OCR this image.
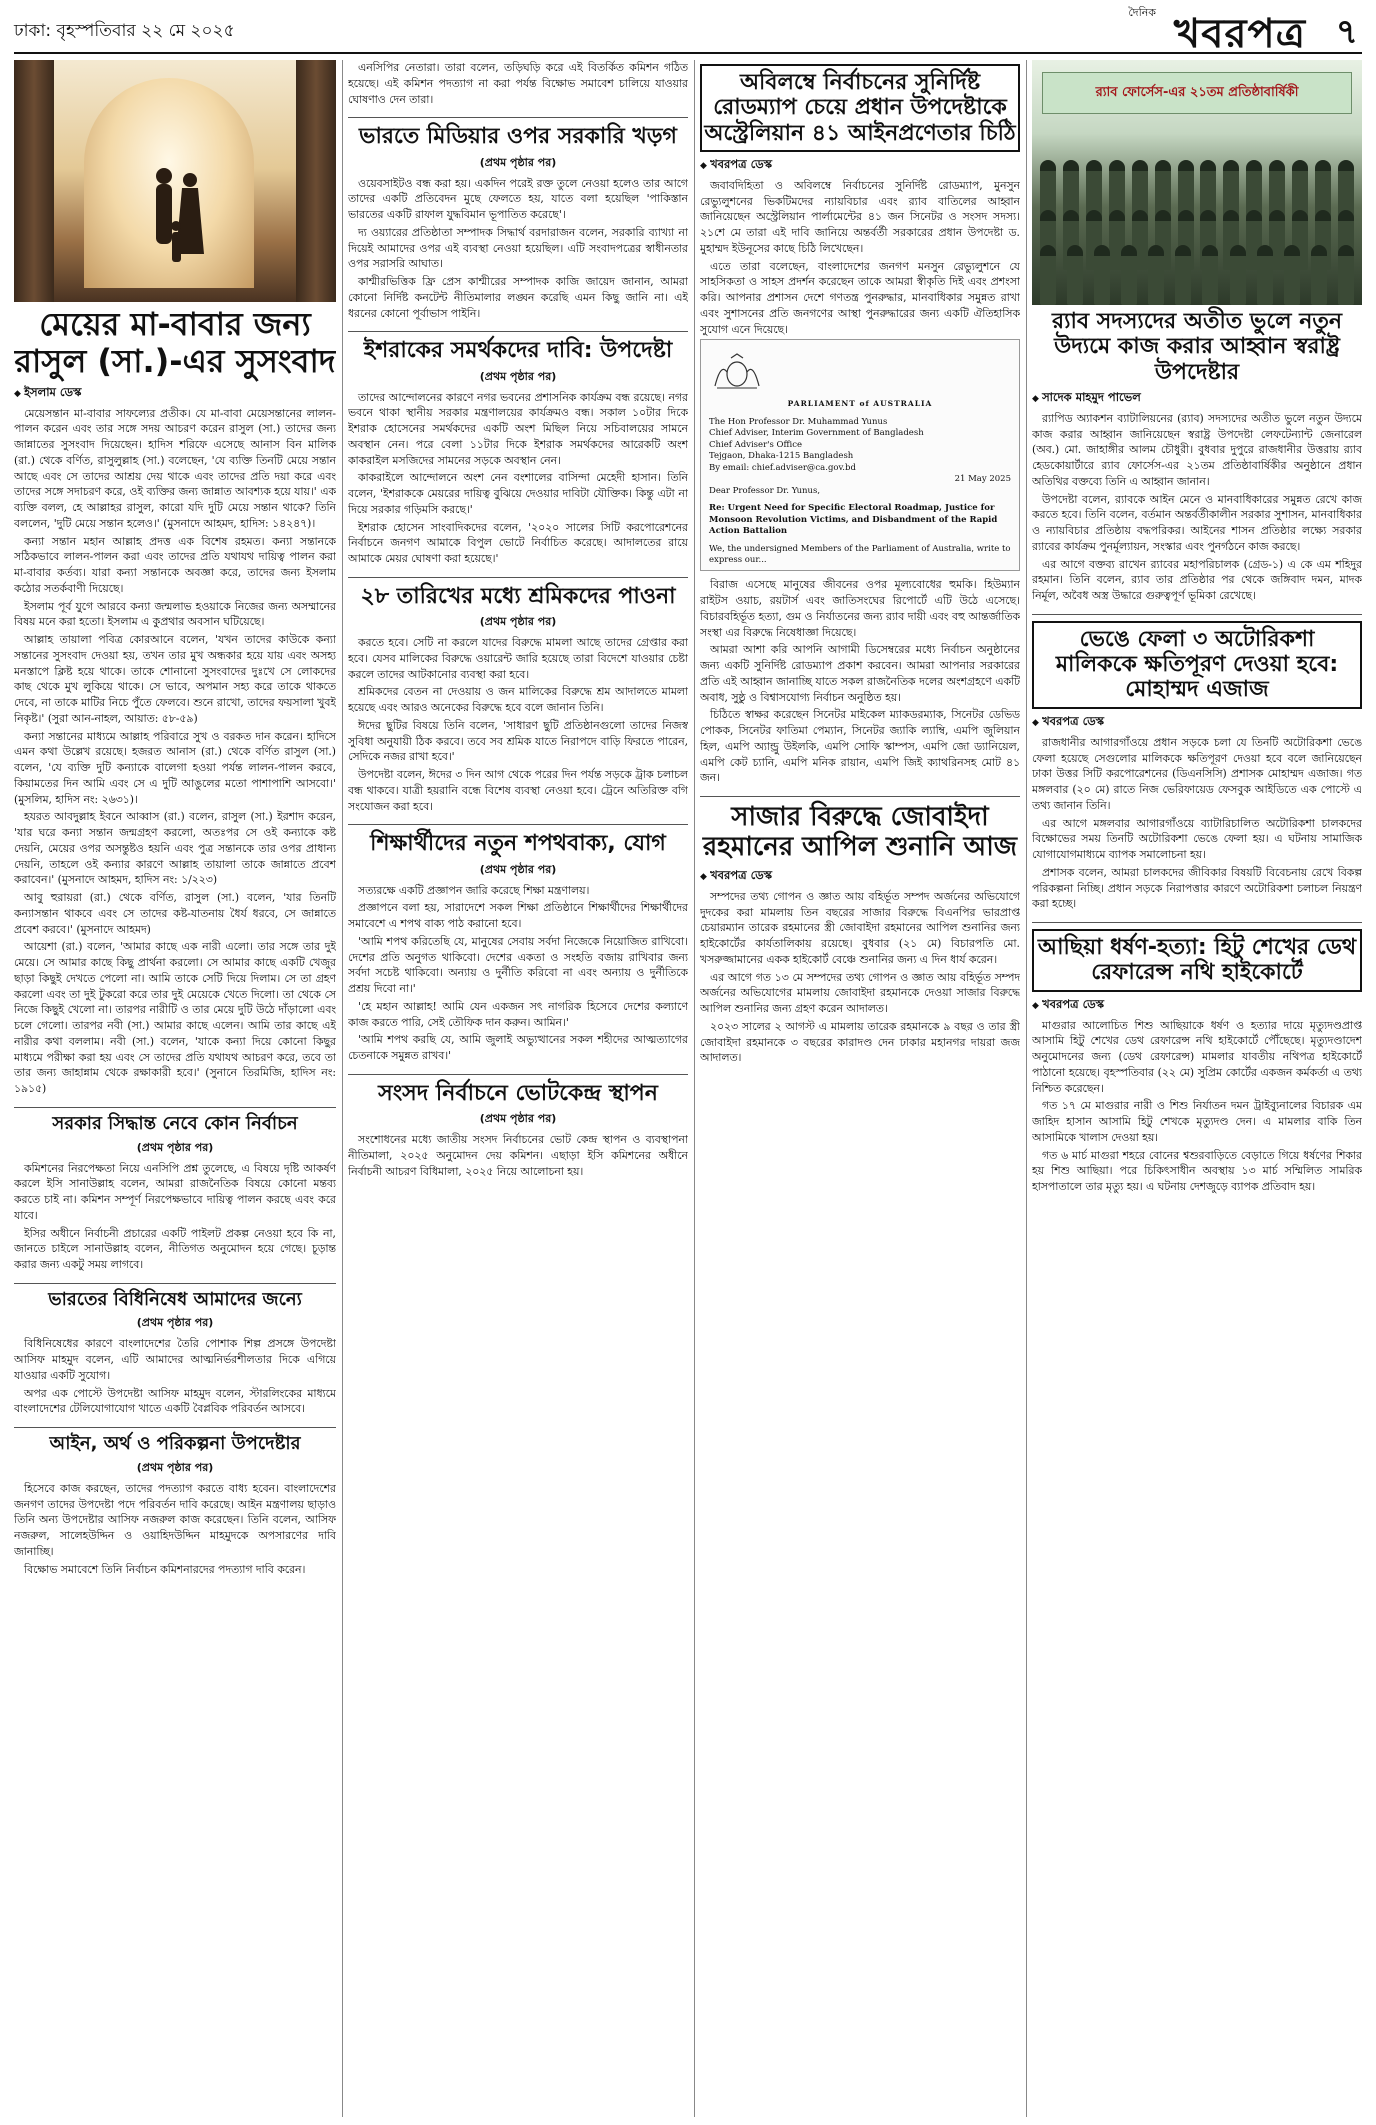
ঢাকা: বৃহস্পতিবার ২২ মে ২০২৫
দৈনিক খবরপত্র ৭
মেয়ের মা-বাবার জন্য রাসুল (সা.)-এর সুসংবাদ
◆ ইসলাম ডেস্ক

মেয়েসন্তান মা-বাবার সাফল্যের প্রতীক। যে মা-বাবা মেয়েসন্তানের লালন-পালন করেন এবং তার সঙ্গে সদয় আচরণ করেন রাসুল (সা.) তাদের জন্য জান্নাতের সুসংবাদ দিয়েছেন। হাদিস শরিফে এসেছে আনাস বিন মালিক (রা.) থেকে বর্ণিত, রাসুলুল্লাহ (সা.) বলেছেন, 'যে ব্যক্তি তিনটি মেয়ে সন্তান আছে এবং সে তাদের আশ্রয় দেয় থাকে এবং তাদের প্রতি দয়া করে এবং তাদের সঙ্গে সদাচরণ করে, ওই ব্যক্তির জন্য জান্নাত আবশ্যক হয়ে যায়।' এক ব্যক্তি বলল, হে আল্লাহর রাসুল, কারো যদি দুটি মেয়ে সন্তান থাকে? তিনি বললেন, 'দুটি মেয়ে সন্তান হলেও।' (মুসনাদে আহমদ, হাদিস: ১৪২৪৭)।

কন্যা সন্তান মহান আল্লাহ প্রদত্ত এক বিশেষ রহমত। কন্যা সন্তানকে সঠিকভাবে লালন-পালন করা এবং তাদের প্রতি যথাযথ দায়িত্ব পালন করা মা-বাবার কর্তব্য। যারা কন্যা সন্তানকে অবজ্ঞা করে, তাদের জন্য ইসলাম কঠোর সতর্কবাণী দিয়েছে।

ইসলাম পূর্ব যুগে আরবে কন্যা জন্মলাভ হওয়াকে নিজের জন্য অসম্মানের বিষয় মনে করা হতো। ইসলাম এ কুপ্রথার অবসান ঘটিয়েছে।

আল্লাহ তায়ালা পবিত্র কোরআনে বলেন, 'যখন তাদের কাউকে কন্যা সন্তানের সুসংবাদ দেওয়া হয়, তখন তার মুখ অন্ধকার হয়ে যায় এবং অসহ্য মনস্তাপে ক্লিষ্ট হয়ে থাকে। তাকে শোনানো সুসংবাদের দুঃখে সে লোকদের কাছ থেকে মুখ লুকিয়ে থাকে। সে ভাবে, অপমান সহ্য করে তাকে থাকতে দেবে, না তাকে মাটির নিচে পুঁতে ফেলবে। শুনে রাখো, তাদের ফয়সালা খুবই নিকৃষ্ট।' (সুরা আন-নাহল, আয়াত: ৫৮-৫৯)

কন্যা সন্তানের মাধ্যমে আল্লাহ পরিবারে সুখ ও বরকত দান করেন। হাদিসে এমন কথা উল্লেখ রয়েছে। হজরত আনাস (রা.) থেকে বর্ণিত রাসুল (সা.) বলেন, 'যে ব্যক্তি দুটি কন্যাকে বালেগা হওয়া পর্যন্ত লালন-পালন করবে, কিয়ামতের দিন আমি এবং সে এ দুটি আঙুলের মতো পাশাপাশি আসবো।' (মুসলিম, হাদিস নং: ২৬৩১)।

হযরত আবদুল্লাহ ইবনে আব্বাস (রা.) বলেন, রাসুল (সা.) ইরশাদ করেন, 'যার ঘরে কন্যা সন্তান জন্মগ্রহণ করলো, অতঃপর সে ওই কন্যাকে কষ্ট দেয়নি, মেয়ের ওপর অসন্তুষ্টও হয়নি এবং পুত্র সন্তানকে তার ওপর প্রাধান্য দেয়নি, তাহলে ওই কন্যার কারণে আল্লাহ তায়ালা তাকে জান্নাতে প্রবেশ করাবেন।' (মুসনাদে আহমদ, হাদিস নং: ১/২২৩)

আবু হুরায়রা (রা.) থেকে বর্ণিত, রাসুল (সা.) বলেন, 'যার তিনটি কন্যাসন্তান থাকবে এবং সে তাদের কষ্ট-যাতনায় ধৈর্য ধরবে, সে জান্নাতে প্রবেশ করবে।' (মুসনাদে আহমদ)

আয়েশা (রা.) বলেন, 'আমার কাছে এক নারী এলো। তার সঙ্গে তার দুই মেয়ে। সে আমার কাছে কিছু প্রার্থনা করলো। সে আমার কাছে একটি খেজুর ছাড়া কিছুই দেখতে পেলো না। আমি তাকে সেটি দিয়ে দিলাম। সে তা গ্রহণ করলো এবং তা দুই টুকরো করে তার দুই মেয়েকে খেতে দিলো। তা থেকে সে নিজে কিছুই খেলো না। তারপর নারীটি ও তার মেয়ে দুটি উঠে দাঁড়ালো এবং চলে গেলো। তারপর নবী (সা.) আমার কাছে এলেন। আমি তার কাছে এই নারীর কথা বললাম। নবী (সা.) বলেন, 'যাকে কন্যা দিয়ে কোনো কিছুর মাধ্যমে পরীক্ষা করা হয় এবং সে তাদের প্রতি যথাযথ আচরণ করে, তবে তা তার জন্য জাহান্নাম থেকে রক্ষাকারী হবে।' (সুনানে তিরমিজি, হাদিস নং: ১৯১৫)

সরকার সিদ্ধান্ত নেবে কোন নির্বাচন
(প্রথম পৃষ্ঠার পর)

কমিশনের নিরপেক্ষতা নিয়ে এনসিপি প্রশ্ন তুলেছে, এ বিষয়ে দৃষ্টি আকর্ষণ করলে ইসি সানাউল্লাহ বলেন, আমরা রাজনৈতিক বিষয়ে কোনো মন্তব্য করতে চাই না। কমিশন সম্পূর্ণ নিরপেক্ষভাবে দায়িত্ব পালন করছে এবং করে যাবে।

ইসির অধীনে নির্বাচনী প্রচারের একটি পাইলট প্রকল্প নেওয়া হবে কি না, জানতে চাইলে সানাউল্লাহ বলেন, নীতিগত অনুমোদন হয়ে গেছে। চূড়ান্ত করার জন্য একটু সময় লাগবে।

ভারতের বিধিনিষেধ আমাদের জন্যে
(প্রথম পৃষ্ঠার পর)

বিধিনিষেধের কারণে বাংলাদেশের তৈরি পোশাক শিল্প প্রসঙ্গে উপদেষ্টা আসিফ মাহমুদ বলেন, এটি আমাদের আত্মনির্ভরশীলতার দিকে এগিয়ে যাওয়ার একটি সুযোগ।

অপর এক পোস্টে উপদেষ্টা আসিফ মাহমুদ বলেন, স্টারলিংকের মাধ্যমে বাংলাদেশের টেলিযোগাযোগ খাতে একটি বৈপ্লবিক পরিবর্তন আসবে।

আইন, অর্থ ও পরিকল্পনা উপদেষ্টার
(প্রথম পৃষ্ঠার পর)

হিসেবে কাজ করছেন, তাদের পদত্যাগ করতে বাধ্য হবেন। বাংলাদেশের জনগণ তাদের উপদেষ্টা পদে পরিবর্তন দাবি করেছে। আইন মন্ত্রণালয় ছাড়াও তিনি অন্য উপদেষ্টার আসিফ নজরুল কাজ করেছেন। তিনি বলেন, আসিফ নজরুল, সালেহউদ্দিন ও ওয়াহিদউদ্দিন মাহমুদকে অপসারণের দাবি জানাচ্ছি।

বিক্ষোভ সমাবেশে তিনি নির্বাচন কমিশনারদের পদত্যাগ দাবি করেন।

এনসিপির নেতারা। তারা বলেন, তড়িঘড়ি করে এই বিতর্কিত কমিশন গঠিত হয়েছে। এই কমিশন পদত্যাগ না করা পর্যন্ত বিক্ষোভ সমাবেশ চালিয়ে যাওয়ার ঘোষণাও দেন তারা।

ভারতে মিডিয়ার ওপর সরকারি খড়গ
(প্রথম পৃষ্ঠার পর)

ওয়েবসাইটও বন্ধ করা হয়। একদিন পরেই রক্ত তুলে নেওয়া হলেও তার আগে তাদের একটি প্রতিবেদন মুছে ফেলতে হয়, যাতে বলা হয়েছিল 'পাকিস্তান ভারতের একটি রাফাল যুদ্ধবিমান ভূপাতিত করেছে'।

দ্য ওয়্যারের প্রতিষ্ঠাতা সম্পাদক সিদ্ধার্থ বরদারাজন বলেন, সরকারি ব্যাখ্যা না দিয়েই আমাদের ওপর এই ব্যবস্থা নেওয়া হয়েছিল। এটি সংবাদপত্রের স্বাধীনতার ওপর সরাসরি আঘাত।

কাশ্মীরভিত্তিক ফ্রি প্রেস কাশ্মীরের সম্পাদক কাজি জায়েদ জানান, আমরা কোনো নির্দিষ্ট কনটেন্ট নীতিমালার লঙ্ঘন করেছি এমন কিছু জানি না। এই ধরনের কোনো পূর্বাভাস পাইনি।

ইশরাকের সমর্থকদের দাবি: উপদেষ্টা
(প্রথম পৃষ্ঠার পর)

তাদের আন্দোলনের কারণে নগর ভবনের প্রশাসনিক কার্যক্রম বন্ধ রয়েছে। নগর ভবনে থাকা স্থানীয় সরকার মন্ত্রণালয়ের কার্যক্রমও বন্ধ। সকাল ১০টার দিকে ইশরাক হোসেনের সমর্থকদের একটি অংশ মিছিল নিয়ে সচিবালয়ের সামনে অবস্থান নেন। পরে বেলা ১১টার দিকে ইশরাক সমর্থকদের আরেকটি অংশ কাকরাইল মসজিদের সামনের সড়কে অবস্থান নেন।

কাকরাইলে আন্দোলনে অংশ নেন বংশালের বাসিন্দা মেহেদী হাসান। তিনি বলেন, 'ইশরাককে মেয়রের দায়িত্ব বুঝিয়ে দেওয়ার দাবিটা যৌক্তিক। কিন্তু এটা না দিয়ে সরকার গড়িমসি করছে।'

ইশরাক হোসেন সাংবাদিকদের বলেন, '২০২০ সালের সিটি করপোরেশনের নির্বাচনে জনগণ আমাকে বিপুল ভোটে নির্বাচিত করেছে। আদালতের রায়ে আমাকে মেয়র ঘোষণা করা হয়েছে।'

২৮ তারিখের মধ্যে শ্রমিকদের পাওনা
(প্রথম পৃষ্ঠার পর)

করতে হবে। সেটি না করলে যাদের বিরুদ্ধে মামলা আছে তাদের গ্রেপ্তার করা হবে। যেসব মালিকের বিরুদ্ধে ওয়ারেন্ট জারি হয়েছে তারা বিদেশে যাওয়ার চেষ্টা করলে তাদের আটকানোর ব্যবস্থা করা হবে।

শ্রমিকদের বেতন না দেওয়ায় ও জন মালিকের বিরুদ্ধে শ্রম আদালতে মামলা হয়েছে এবং আরও অনেকের বিরুদ্ধে হবে বলে জানান তিনি।

ঈদের ছুটির বিষয়ে তিনি বলেন, 'সাধারণ ছুটি প্রতিষ্ঠানগুলো তাদের নিজস্ব সুবিধা অনুযায়ী ঠিক করবে। তবে সব শ্রমিক যাতে নিরাপদে বাড়ি ফিরতে পারেন, সেদিকে নজর রাখা হবে।'

উপদেষ্টা বলেন, ঈদের ৩ দিন আগ থেকে পরের দিন পর্যন্ত সড়কে ট্রাক চলাচল বন্ধ থাকবে। যাত্রী হয়রানি বন্ধে বিশেষ ব্যবস্থা নেওয়া হবে। ট্রেনে অতিরিক্ত বগি সংযোজন করা হবে।

শিক্ষার্থীদের নতুন শপথবাক্য, যোগ
(প্রথম পৃষ্ঠার পর)

সত্যরক্ষে একটি প্রজ্ঞাপন জারি করেছে শিক্ষা মন্ত্রণালয়।

প্রজ্ঞাপনে বলা হয়, সারাদেশে সকল শিক্ষা প্রতিষ্ঠানে শিক্ষার্থীদের শিক্ষার্থীদের সমাবেশে এ শপথ বাক্য পাঠ করানো হবে।

'আমি শপথ করিতেছি যে, মানুষের সেবায় সর্বদা নিজেকে নিয়োজিত রাখিবো। দেশের প্রতি অনুগত থাকিবো। দেশের একতা ও সংহতি বজায় রাখিবার জন্য সর্বদা সচেষ্ট থাকিবো। অন্যায় ও দুর্নীতি করিবো না এবং অন্যায় ও দুর্নীতিকে প্রশ্রয় দিবো না।'

'হে মহান আল্লাহ! আমি যেন একজন সৎ নাগরিক হিসেবে দেশের কল্যাণে কাজ করতে পারি, সেই তৌফিক দান করুন। আমিন।'

'আমি শপথ করছি যে, আমি জুলাই অভ্যুত্থানের সকল শহীদের আত্মত্যাগের চেতনাকে সমুন্নত রাখব।'

সংসদ নির্বাচনে ভোটকেন্দ্র স্থাপন
(প্রথম পৃষ্ঠার পর)

সংশোধনের মধ্যে জাতীয় সংসদ নির্বাচনের ভোট কেন্দ্র স্থাপন ও ব্যবস্থাপনা নীতিমালা, ২০২৫ অনুমোদন দেয় কমিশন। এছাড়া ইসি কমিশনের অধীনে নির্বাচনী আচরণ বিধিমালা, ২০২৫ নিয়ে আলোচনা হয়।

অবিলম্বে নির্বাচনের সুনির্দিষ্ট রোডম্যাপ চেয়ে প্রধান উপদেষ্টাকে অস্ট্রেলিয়ান ৪১ আইনপ্রণেতার চিঠি
◆ খবরপত্র ডেস্ক

জবাবদিহিতা ও অবিলম্বে নির্বাচনের সুনির্দিষ্ট রোডম্যাপ, মুনসুন রেভ্যুলুশনের ভিকটিমদের ন্যায়বিচার এবং র‍্যাব বাতিলের আহ্বান জানিয়েছেন অস্ট্রেলিয়ান পার্লামেন্টের ৪১ জন সিনেটর ও সংসদ সদস্য। ২১শে মে তারা এই দাবি জানিয়ে অন্তর্বর্তী সরকারের প্রধান উপদেষ্টা ড. মুহাম্মদ ইউনূসের কাছে চিঠি লিখেছেন।

এতে তারা বলেছেন, বাংলাদেশের জনগণ মনসুন রেভ্যুলুশনে যে সাহসিকতা ও সাহস প্রদর্শন করেছেন তাকে আমরা স্বীকৃতি দিই এবং প্রশংসা করি। আপনার প্রশাসন দেশে গণতন্ত্র পুনরুদ্ধার, মানবাধিকার সমুন্নত রাখা এবং সুশাসনের প্রতি জনগণের আস্থা পুনরুদ্ধারের জন্য একটি ঐতিহাসিক সুযোগ এনে দিয়েছে।

PARLIAMENT of AUSTRALIA
The Hon Professor Dr. Muhammad Yunus
Chief Adviser, Interim Government of Bangladesh
Chief Adviser's Office
Tejgaon, Dhaka-1215 Bangladesh
By email: chief.adviser@ca.gov.bd
21 May 2025
Dear Professor Dr. Yunus,
Re: Urgent Need for Specific Electoral Roadmap, Justice for Monsoon Revolution Victims, and Disbandment of the Rapid Action Battalion
We, the undersigned Members of the Parliament of Australia, write to express our...

বিরাজ এসেছে মানুষের জীবনের ওপর মূল্যবোধের হুমকি। হিউম্যান রাইটস ওয়াচ, রয়টার্স এবং জাতিসংঘের রিপোর্টে এটি উঠে এসেছে। বিচারবহির্ভূত হত্যা, গুম ও নির্যাতনের জন্য র‍্যাব দায়ী এবং বহু আন্তর্জাতিক সংস্থা এর বিরুদ্ধে নিষেধাজ্ঞা দিয়েছে।

আমরা আশা করি আপনি আগামী ডিসেম্বরের মধ্যে নির্বাচন অনুষ্ঠানের জন্য একটি সুনির্দিষ্ট রোডম্যাপ প্রকাশ করবেন। আমরা আপনার সরকারের প্রতি এই আহ্বান জানাচ্ছি যাতে সকল রাজনৈতিক দলের অংশগ্রহণে একটি অবাধ, সুষ্ঠু ও বিশ্বাসযোগ্য নির্বাচন অনুষ্ঠিত হয়।

চিঠিতে স্বাক্ষর করেছেন সিনেটর মাইকেল ম্যাকডরম্যাক, সিনেটর ডেভিড পোকক, সিনেটর ফাতিমা পেম্যান, সিনেটর জ্যাকি ল্যাম্বি, এমপি জুলিয়ান হিল, এমপি অ্যান্ড্রু উইলকি, এমপি সোফি স্কাম্পস, এমপি জো ড্যানিয়েল, এমপি কেট চ্যানি, এমপি মনিক রায়ান, এমপি জিই ক্যাথরিনসহ মোট ৪১ জন।

সাজার বিরুদ্ধে জোবাইদা রহমানের আপিল শুনানি আজ
◆ খবরপত্র ডেস্ক

সম্পদের তথ্য গোপন ও জ্ঞাত আয় বহির্ভূত সম্পদ অর্জনের অভিযোগে দুদকের করা মামলায় তিন বছরের সাজার বিরুদ্ধে বিএনপির ভারপ্রাপ্ত চেয়ারম্যান তারেক রহমানের স্ত্রী জোবাইদা রহমানের আপিল শুনানির জন্য হাইকোর্টের কার্যতালিকায় রয়েছে। বুধবার (২১ মে) বিচারপতি মো. খসরুজ্জামানের একক হাইকোর্ট বেঞ্চে শুনানির জন্য এ দিন ধার্য করেন।

এর আগে গত ১৩ মে সম্পদের তথ্য গোপন ও জ্ঞাত আয় বহির্ভূত সম্পদ অর্জনের অভিযোগের মামলায় জোবাইদা রহমানকে দেওয়া সাজার বিরুদ্ধে আপিল শুনানির জন্য গ্রহণ করেন আদালত।

২০২৩ সালের ২ আগস্ট এ মামলায় তারেক রহমানকে ৯ বছর ও তার স্ত্রী জোবাইদা রহমানকে ৩ বছরের কারাদণ্ড দেন ঢাকার মহানগর দায়রা জজ আদালত।

র‍্যাব ফোর্সেস-এর ২১তম প্রতিষ্ঠাবার্ষিকী
র‍্যাব সদস্যদের অতীত ভুলে নতুন উদ্যমে কাজ করার আহ্বান স্বরাষ্ট্র উপদেষ্টার
◆ সাদেক মাহমুদ পাভেল

র‍্যাপিড অ্যাকশন ব্যাটালিয়নের (র‍্যাব) সদস্যদের অতীত ভুলে নতুন উদ্যমে কাজ করার আহ্বান জানিয়েছেন স্বরাষ্ট্র উপদেষ্টা লেফটেন্যান্ট জেনারেল (অব.) মো. জাহাঙ্গীর আলম চৌধুরী। বুধবার দুপুরে রাজধানীর উত্তরায় র‍্যাব হেডকোয়ার্টারে র‍্যাব ফোর্সেস-এর ২১তম প্রতিষ্ঠাবার্ষিকীর অনুষ্ঠানে প্রধান অতিথির বক্তব্যে তিনি এ আহ্বান জানান।

উপদেষ্টা বলেন, র‍্যাবকে আইন মেনে ও মানবাধিকারের সমুন্নত রেখে কাজ করতে হবে। তিনি বলেন, বর্তমান অন্তর্বর্তীকালীন সরকার সুশাসন, মানবাধিকার ও ন্যায়বিচার প্রতিষ্ঠায় বদ্ধপরিকর। আইনের শাসন প্রতিষ্ঠার লক্ষ্যে সরকার র‍্যাবের কার্যক্রম পুনর্মূল্যায়ন, সংস্কার এবং পুনর্গঠনে কাজ করছে।

এর আগে বক্তব্য রাখেন র‍্যাবের মহাপরিচালক (গ্রেড-১) এ কে এম শহিদুর রহমান। তিনি বলেন, র‍্যাব তার প্রতিষ্ঠার পর থেকে জঙ্গিবাদ দমন, মাদক নির্মূল, অবৈধ অস্ত্র উদ্ধারে গুরুত্বপূর্ণ ভূমিকা রেখেছে।

ভেঙে ফেলা ৩ অটোরিকশা মালিককে ক্ষতিপূরণ দেওয়া হবে: মোহাম্মদ এজাজ
◆ খবরপত্র ডেস্ক

রাজধানীর আগারগাঁওয়ে প্রধান সড়কে চলা যে তিনটি অটোরিকশা ভেঙে ফেলা হয়েছে সেগুলোর মালিককে ক্ষতিপূরণ দেওয়া হবে বলে জানিয়েছেন ঢাকা উত্তর সিটি করপোরেশনের (ডিএনসিসি) প্রশাসক মোহাম্মদ এজাজ। গত মঙ্গলবার (২০ মে) রাতে নিজ ভেরিফায়েড ফেসবুক আইডিতে এক পোস্টে এ তথ্য জানান তিনি।

এর আগে মঙ্গলবার আগারগাঁওয়ে ব্যাটারিচালিত অটোরিকশা চালকদের বিক্ষোভের সময় তিনটি অটোরিকশা ভেঙে ফেলা হয়। এ ঘটনায় সামাজিক যোগাযোগমাধ্যমে ব্যাপক সমালোচনা হয়।

প্রশাসক বলেন, আমরা চালকদের জীবিকার বিষয়টি বিবেচনায় রেখে বিকল্প পরিকল্পনা নিচ্ছি। প্রধান সড়কে নিরাপত্তার কারণে অটোরিকশা চলাচল নিয়ন্ত্রণ করা হচ্ছে।

আছিয়া ধর্ষণ-হত্যা: হিটু শেখের ডেথ রেফারেন্স নথি হাইকোর্টে
◆ খবরপত্র ডেস্ক

মাগুরার আলোচিত শিশু আছিয়াকে ধর্ষণ ও হত্যার দায়ে মৃত্যুদণ্ডপ্রাপ্ত আসামি হিটু শেখের ডেথ রেফারেন্স নথি হাইকোর্টে পৌঁছেছে। মৃত্যুদণ্ডাদেশ অনুমোদনের জন্য (ডেথ রেফারেন্স) মামলার যাবতীয় নথিপত্র হাইকোর্টে পাঠানো হয়েছে। বৃহস্পতিবার (২২ মে) সুপ্রিম কোর্টের একজন কর্মকর্তা এ তথ্য নিশ্চিত করেছেন।

গত ১৭ মে মাগুরার নারী ও শিশু নির্যাতন দমন ট্রাইব্যুনালের বিচারক এম জাহিদ হাসান আসামি হিটু শেখকে মৃত্যুদণ্ড দেন। এ মামলার বাকি তিন আসামিকে খালাস দেওয়া হয়।

গত ৬ মার্চ মাগুরা শহরে বোনের শ্বশুরবাড়িতে বেড়াতে গিয়ে ধর্ষণের শিকার হয় শিশু আছিয়া। পরে চিকিৎসাধীন অবস্থায় ১৩ মার্চ সম্মিলিত সামরিক হাসপাতালে তার মৃত্যু হয়। এ ঘটনায় দেশজুড়ে ব্যাপক প্রতিবাদ হয়।
